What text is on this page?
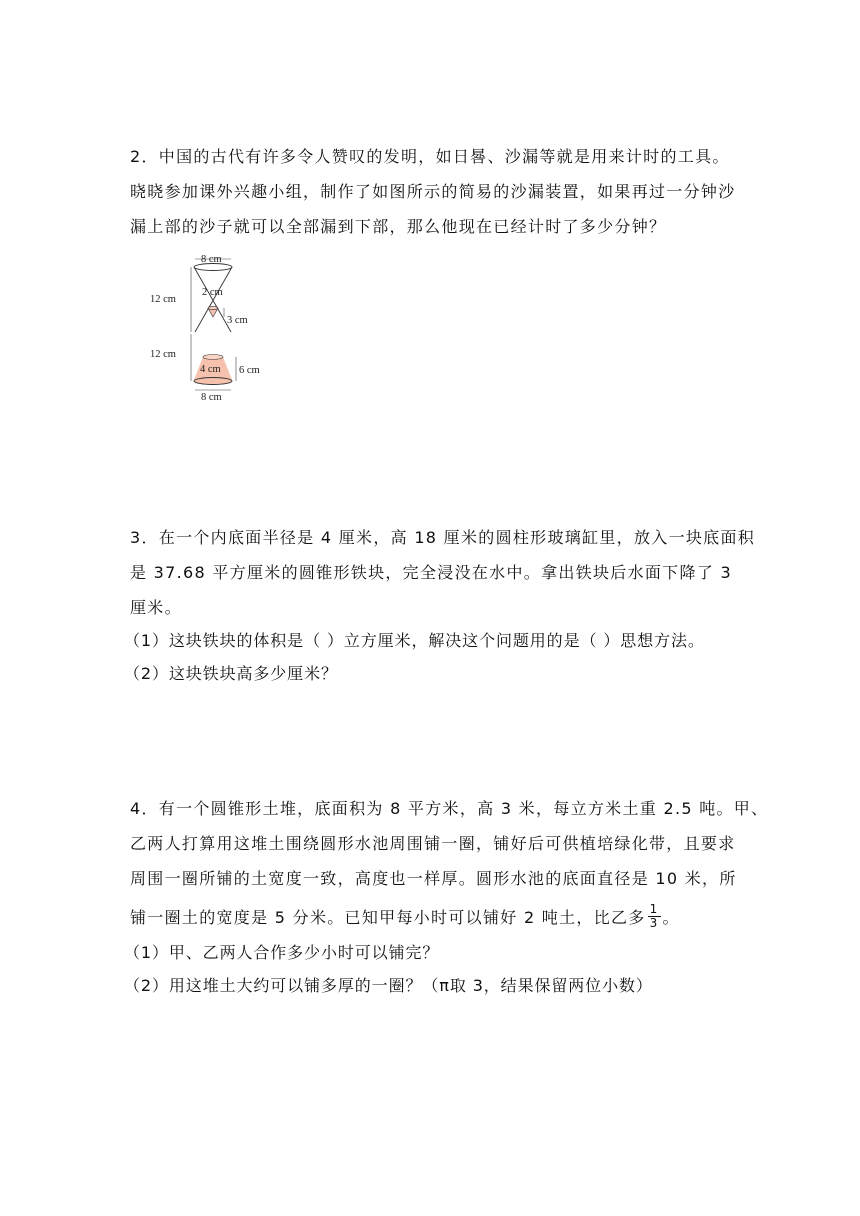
2．中国的古代有许多令人赞叹的发明，如日晷、沙漏等就是用来计时的工具。
晓晓参加课外兴趣小组，制作了如图所示的简易的沙漏装置，如果再过一分钟沙
漏上部的沙子就可以全部漏到下部，那么他现在已经计时了多少分钟？
8 cm
2 cm
12 cm
3 cm
12 cm
4 cm 6 cm
8 cm
3．在一个内底面半径是 4 厘米，高 18 厘米的圆柱形玻璃缸里，放入一块底面积
是 37.68 平方厘米的圆锥形铁块，完全浸没在水中。拿出铁块后水面下降了 3
厘米。
（1）这块铁块的体积是（ ）立方厘米，解决这个问题用的是（ ）思想方法。
（2）这块铁块高多少厘米？
4．有一个圆锥形土堆，底面积为 8 平方米，高 3 米，每立方米土重 2.5 吨。甲、
乙两人打算用这堆土围绕圆形水池周围铺一圈，铺好后可供植培绿化带，且要求
周围一圈所铺的土宽度一致，高度也一样厚。圆形水池的底面直径是 10 米，所
铺一圈土的宽度是 5 分米。已知甲每小时可以铺好 2 吨土，比乙多 $\frac{1}{3}$ 。
（1）甲、乙两人合作多少小时可以铺完？
（2）用这堆土大约可以铺多厚的一圈？（π取 3，结果保留两位小数）
